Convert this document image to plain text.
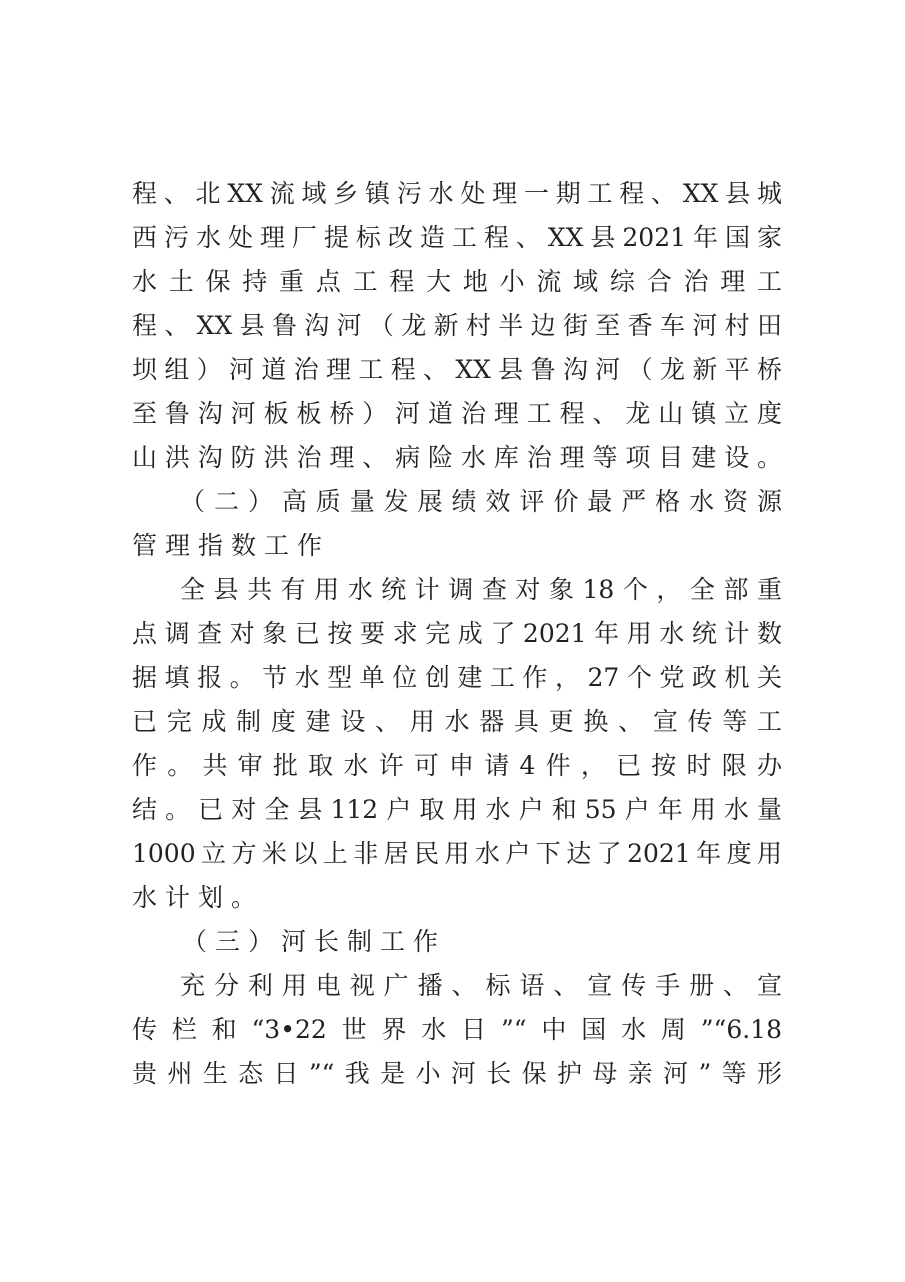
程、北XX流域乡镇污水处理一期工程、XX县城
西污水处理厂提标改造工程、XX县2021年国家
水土保持重点工程大地小流域综合治理工
程、XX县鲁沟河（龙新村半边街至香车河村田
坝组）河道治理工程、XX县鲁沟河（龙新平桥
至鲁沟河板板桥）河道治理工程、龙山镇立度
山洪沟防洪治理、病险水库治理等项目建设。
（二）高质量发展绩效评价最严格水资源
管理指数工作
全县共有用水统计调查对象18个，全部重
点调查对象已按要求完成了2021年用水统计数
据填报。节水型单位创建工作，27个党政机关
已完成制度建设、用水器具更换、宣传等工
作。共审批取水许可申请4件，已按时限办
结。已对全县112户取用水户和55户年用水量
1000立方米以上非居民用水户下达了2021年度用
水计划。
（三）河长制工作
充分利用电视广播、标语、宣传手册、宣
传栏和“3•22世界水日”“中国水周”“6.18
贵州生态日”“我是小河长保护母亲河”等形
